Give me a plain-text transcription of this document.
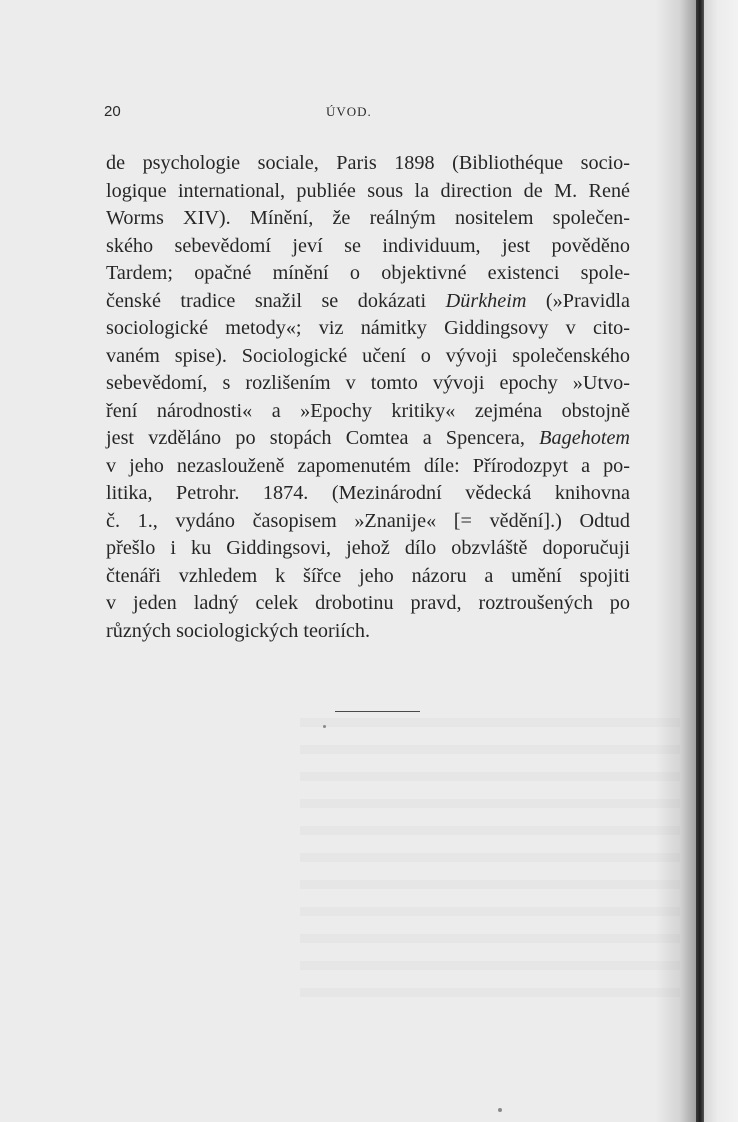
20	ÚVOD.
de psychologie sociale, Paris 1898 (Bibliothéque socio-
logique international, publiée sous la direction de M. René
Worms XIV). Mínění, že reálným nositelem společen-
ského sebevědomí jeví se individuum, jest pověděno
Tardem; opačné mínění o objektivné existenci spole-
čenské tradice snažil se dokázati Dürkheim (»Pravidla
sociologické metody«; viz námitky Giddingsovy v cito-
vaném spise). Sociologické učení o vývoji společenského
sebevědomí, s rozlišením v tomto vývoji epochy »Utvo-
ření národnosti« a »Epochy kritiky« zejména obstojně
jest vzděláno po stopách Comtea a Spencera, Bagehotem
v jeho nezaslouženě zapomenutém díle: Přírodozpyt a po-
litika, Petrohr. 1874. (Mezinárodní vědecká knihovna
č. 1., vydáno časopisem »Znanije« [= vědění].) Odtud
přešlo i ku Giddingsovi, jehož dílo obzvláště doporučuji
čtenáři vzhledem k šířce jeho názoru a umění spojiti
v jeden ladný celek drobotinu pravd, roztroušených po
různých sociologických teoriích.
